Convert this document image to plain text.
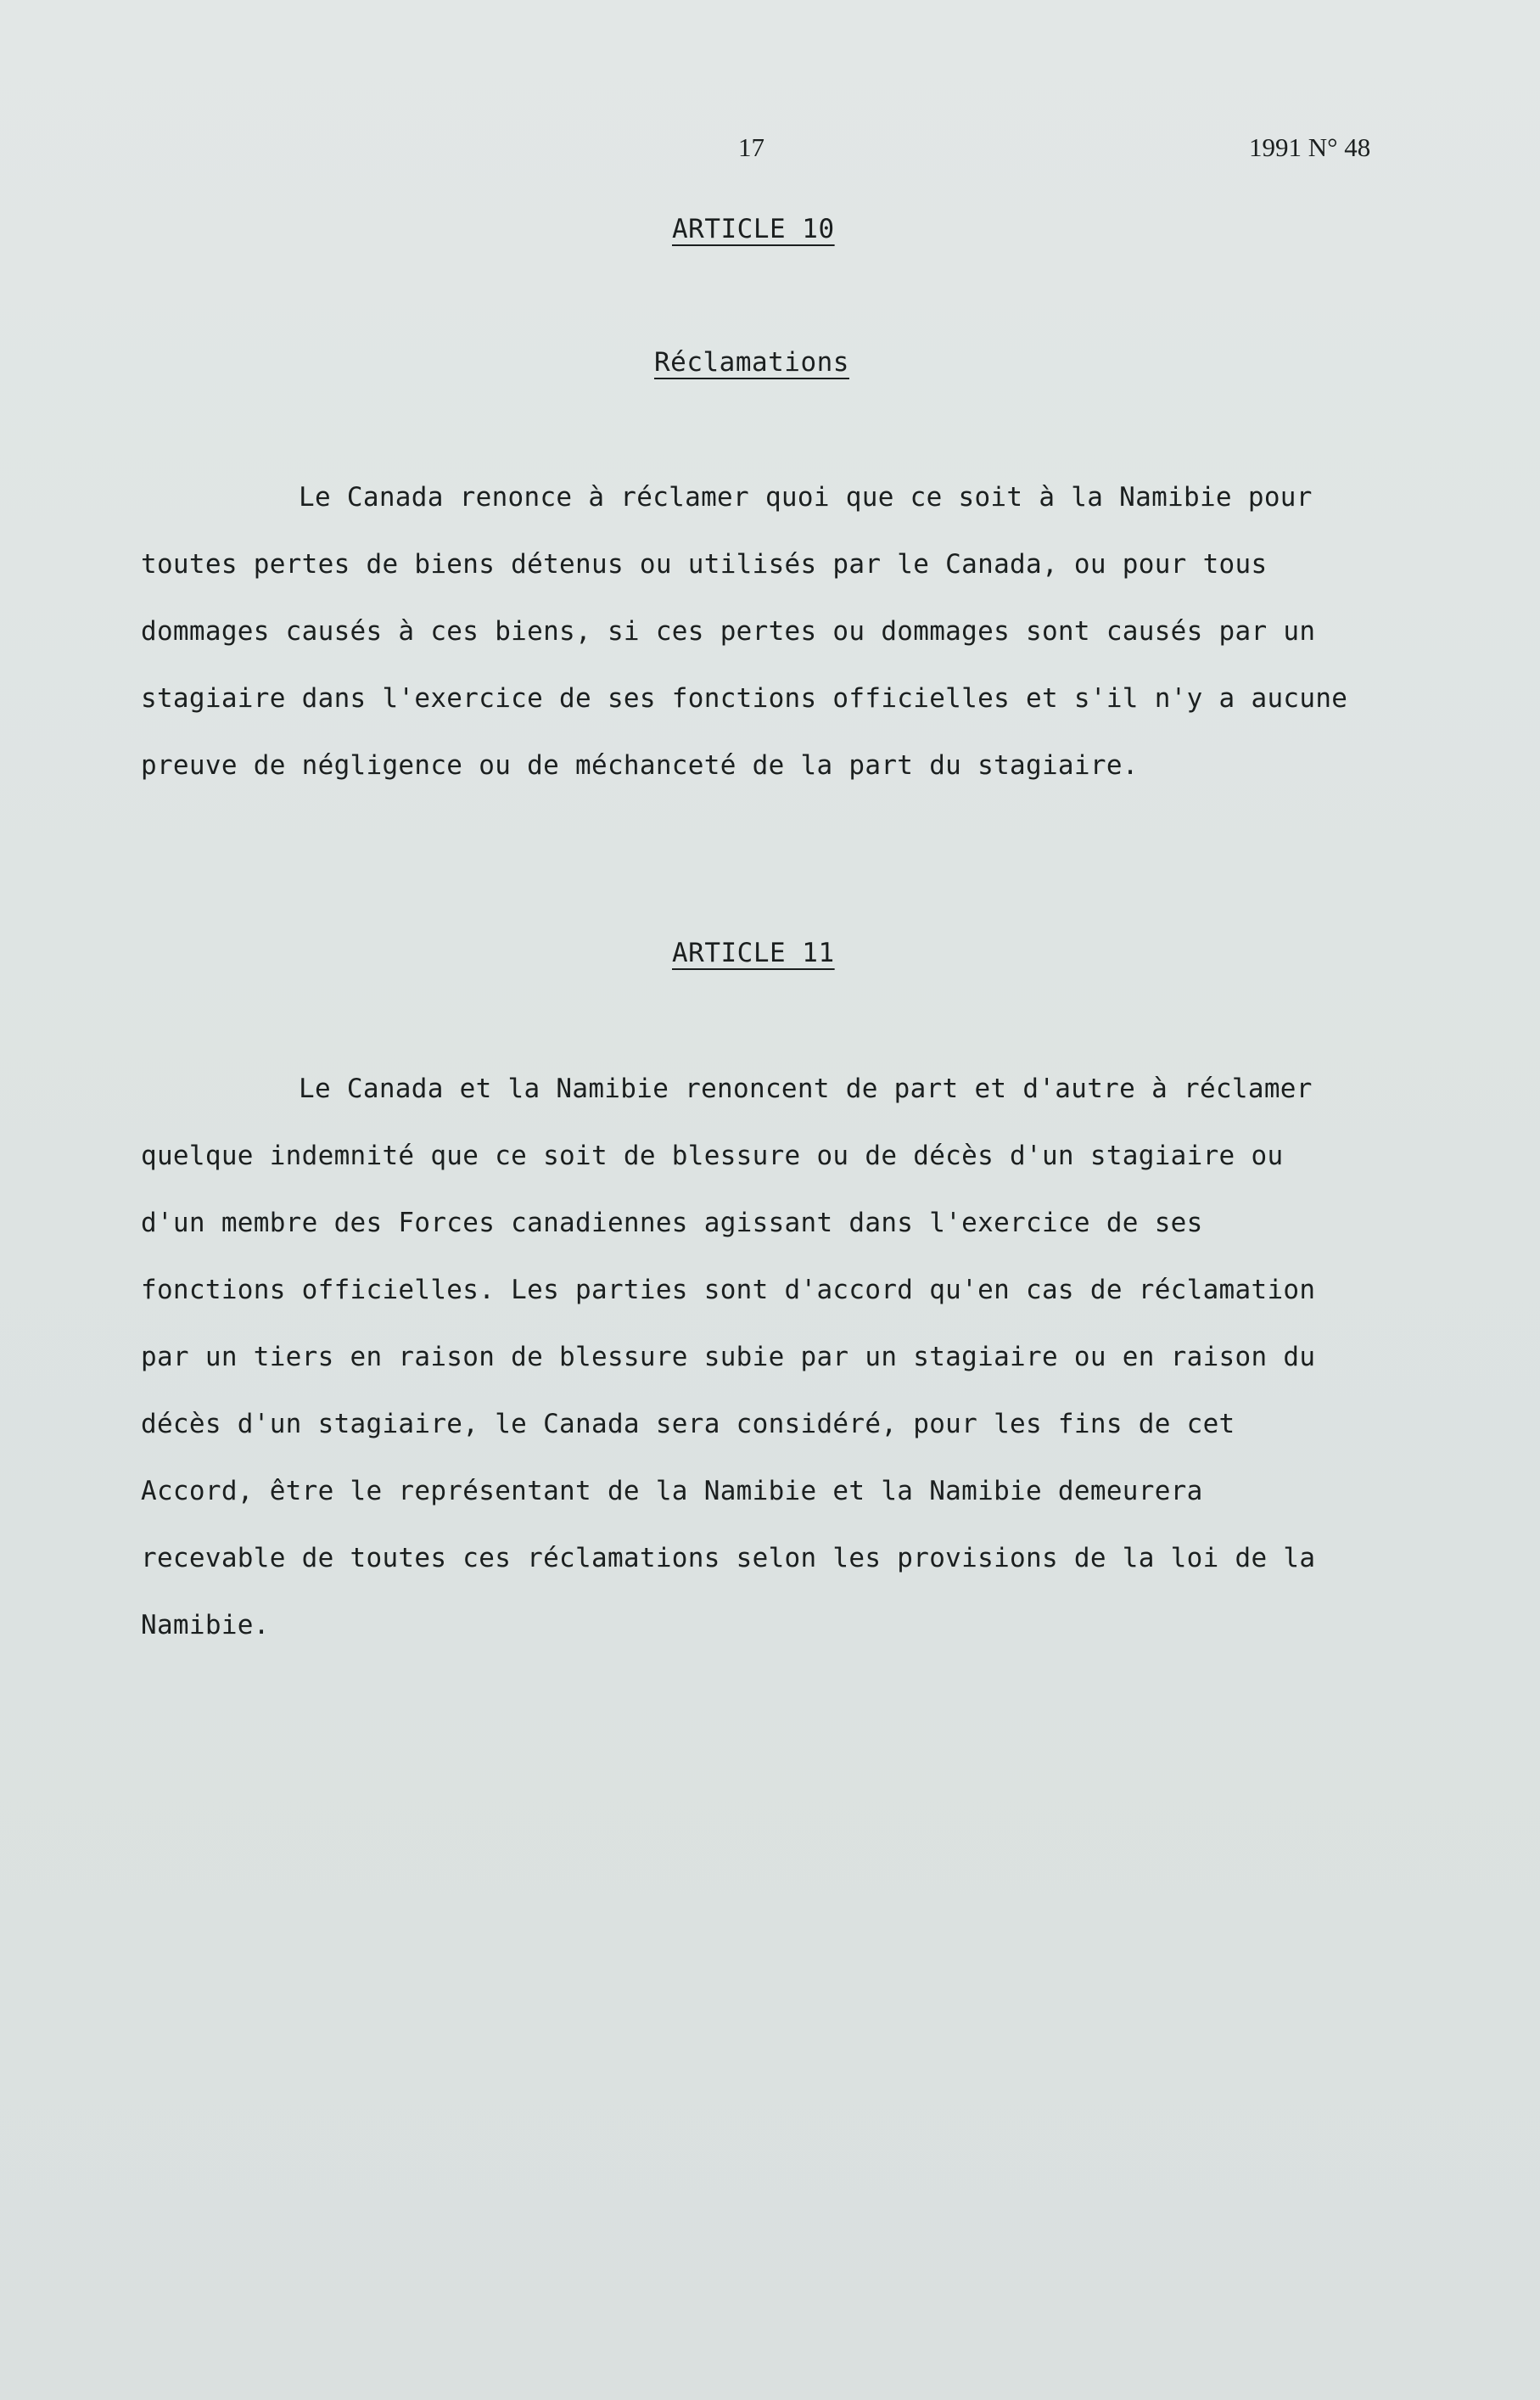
17	1991 N° 48
ARTICLE 10
Réclamations
Le Canada renonce à réclamer quoi que ce soit à la Namibie pour
toutes pertes de biens détenus ou utilisés par le Canada, ou pour tous
dommages causés à ces biens, si ces pertes ou dommages sont causés par un
stagiaire dans l'exercice de ses fonctions officielles et s'il n'y a aucune
preuve de négligence ou de méchanceté de la part du stagiaire.
ARTICLE 11
Le Canada et la Namibie renoncent de part et d'autre à réclamer
quelque indemnité que ce soit de blessure ou de décès d'un stagiaire ou
d'un membre des Forces canadiennes agissant dans l'exercice de ses
fonctions officielles. Les parties sont d'accord qu'en cas de réclamation
par un tiers en raison de blessure subie par un stagiaire ou en raison du
décès d'un stagiaire, le Canada sera considéré, pour les fins de cet
Accord, être le représentant de la Namibie et la Namibie demeurera
recevable de toutes ces réclamations selon les provisions de la loi de la
Namibie.
